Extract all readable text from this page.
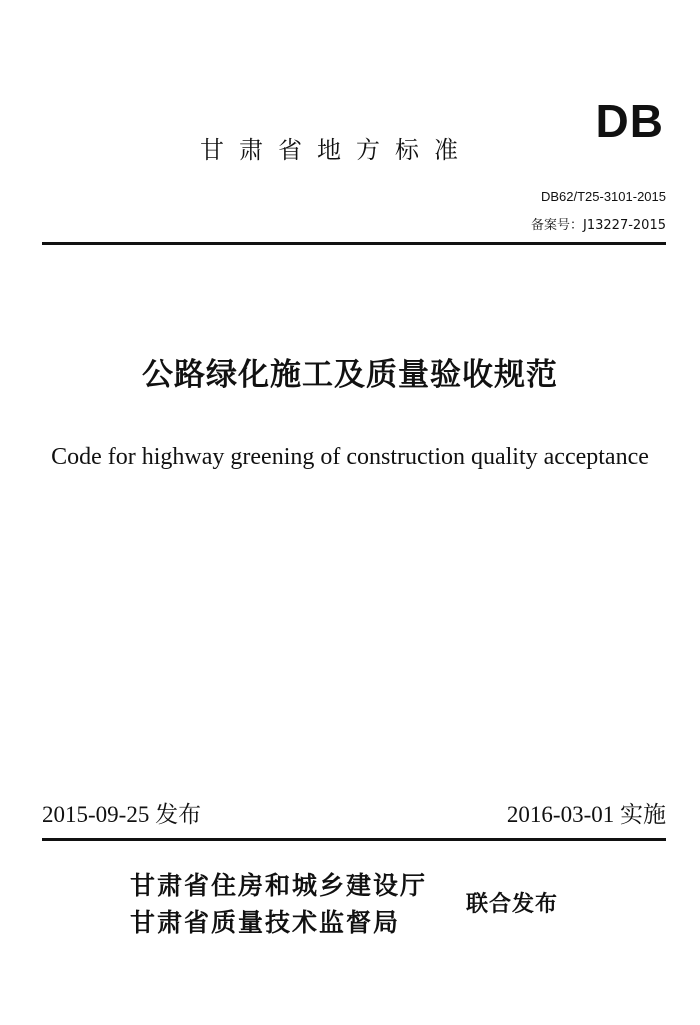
DB
甘肃省地方标准
DB62/T25-3101-2015
备案号：J13227-2015
公路绿化施工及质量验收规范
Code for highway greening of construction quality acceptance
2015-09-25 发布	2016-03-01 实施
甘肃省住房和城乡建设厅
甘肃省质量技术监督局
联合发布
